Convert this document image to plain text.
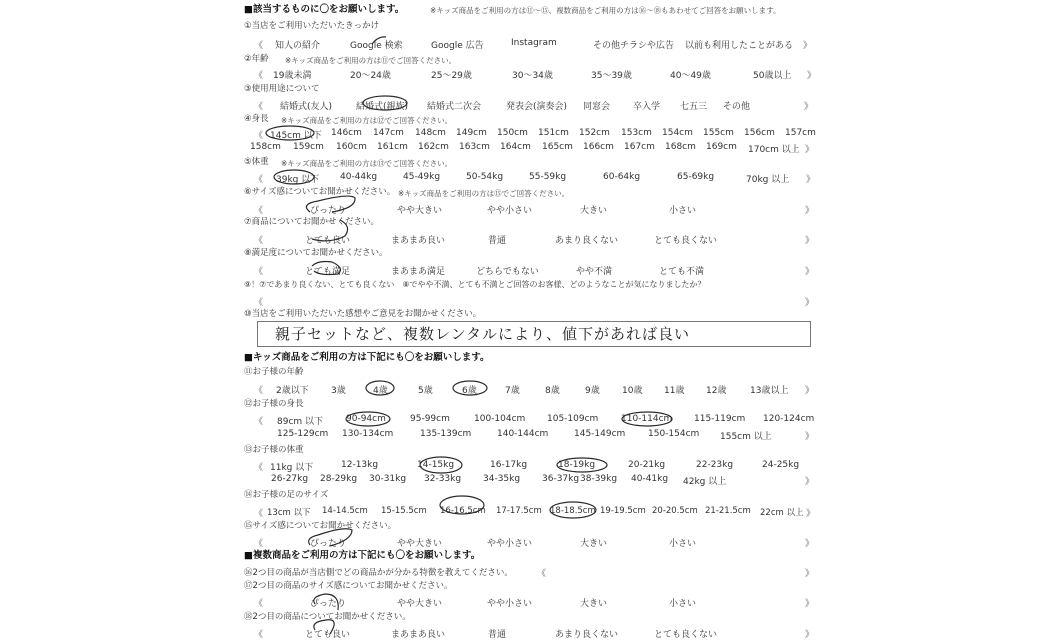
■該当するものに〇をお願いします。	※キッズ商品をご利用の方は⑪〜⑮、複数商品をご利用の方は⑯〜⑱もあわせてご回答をお願いします。
①当店をご利用いただいたきっかけ
《 知人の紹介	Google 検索	Google 広告	Instagram	その他チラシや広告 以前も利用したことがある 》
②年齢 ※キッズ商品をご利用の方は⑪でご回答ください。
《 19歳未満	20〜24歳	25〜29歳	30〜34歳	35〜39歳	40〜49歳	50歳以上 》
③使用用途について
《 結婚式(友人)	結婚式(親族) 結婚式二次会	発表会(演奏会) 同窓会	卒入学 七五三 その他	》
④身長 ※キッズ商品をご利用の方は⑫でご回答ください。
《 145cm 以下 146cm 147cm 148cm 149cm 150cm 151cm 152cm 153cm 154cm 155cm 156cm 157cm
158cm 159cm 160cm 161cm 162cm 163cm 164cm 165cm 166cm 167cm 168cm 169cm 170cm 以上 》
⑤体重 ※キッズ商品をご利用の方は⑬でご回答ください。
《 39kg 以下 40-44kg	45-49kg	50-54kg	55-59kg	60-64kg	65-69kg	70kg 以上 》
⑥サイズ感についてお聞かせください。 ※キッズ商品をご利用の方は⑮でご回答ください。
《	ぴったり	やや大きい	やや小さい	大きい	小さい	》
⑦商品についてお聞かせください。
《	とても良い	まあまあ良い	普通	あまり良くない	とても良くない	》
⑧満足度についてお聞かせください。
《	とても満足	まあまあ満足	どちらでもない	やや不満	とても不満	》
⑨！⑦であまり良くない、とても良くない　⑧でやや不満、とても不満とご回答のお客様、どのようなことが気になりましたか？
《	》
⑩当店をご利用いただいた感想やご意見をお聞かせください。
親子セットなど、複数レンタルにより、値下があれば良い
■キッズ商品をご利用の方は下記にも〇をお願いします。
⑪お子様の年齢
《 2歳以下 3歳	4歳	5歳	6歳	7歳	8歳	9歳 10歳 11歳 12歳	13歳以上 》
⑫お子様の身長
《 89cm 以下	90-94cm	95-99cm	100-104cm 105-109cm	110-114cm 115-119cm 120-124cm
125-129cm 130-134cm	135-139cm	140-144cm	145-149cm	150-154cm 155cm 以上	》
⑬お子様の体重
《 11kg 以下	12-13kg	14-15kg	16-17kg	18-19kg	20-21kg	22-23kg	24-25kg
26-27kg 28-29kg 30-31kg 32-33kg 34-35kg 36-37kg 38-39kg 40-41kg 42kg 以上	》
⑭お子様の足のサイズ
《 13cm 以下 14-14.5cm 15-15.5cm 16-16.5cm 17-17.5cm 18-18.5cm 19-19.5cm 20-20.5cm 21-21.5cm 22cm 以上 》
⑮サイズ感についてお聞かせください。
《	ぴったり	やや大きい	やや小さい	大きい	小さい	》
■複数商品をご利用の方は下記にも〇をお願いします。
⑯2つ目の商品が当店側でどの商品かが分かる特徴を教えてください。	《	》
⑰2つ目の商品のサイズ感についてお聞かせください。
《	ぴったり	やや大きい	やや小さい	大きい	小さい	》
⑱2つ目の商品についてお聞かせください。
《	とても良い	まあまあ良い	普通	あまり良くない	とても良くない	》
